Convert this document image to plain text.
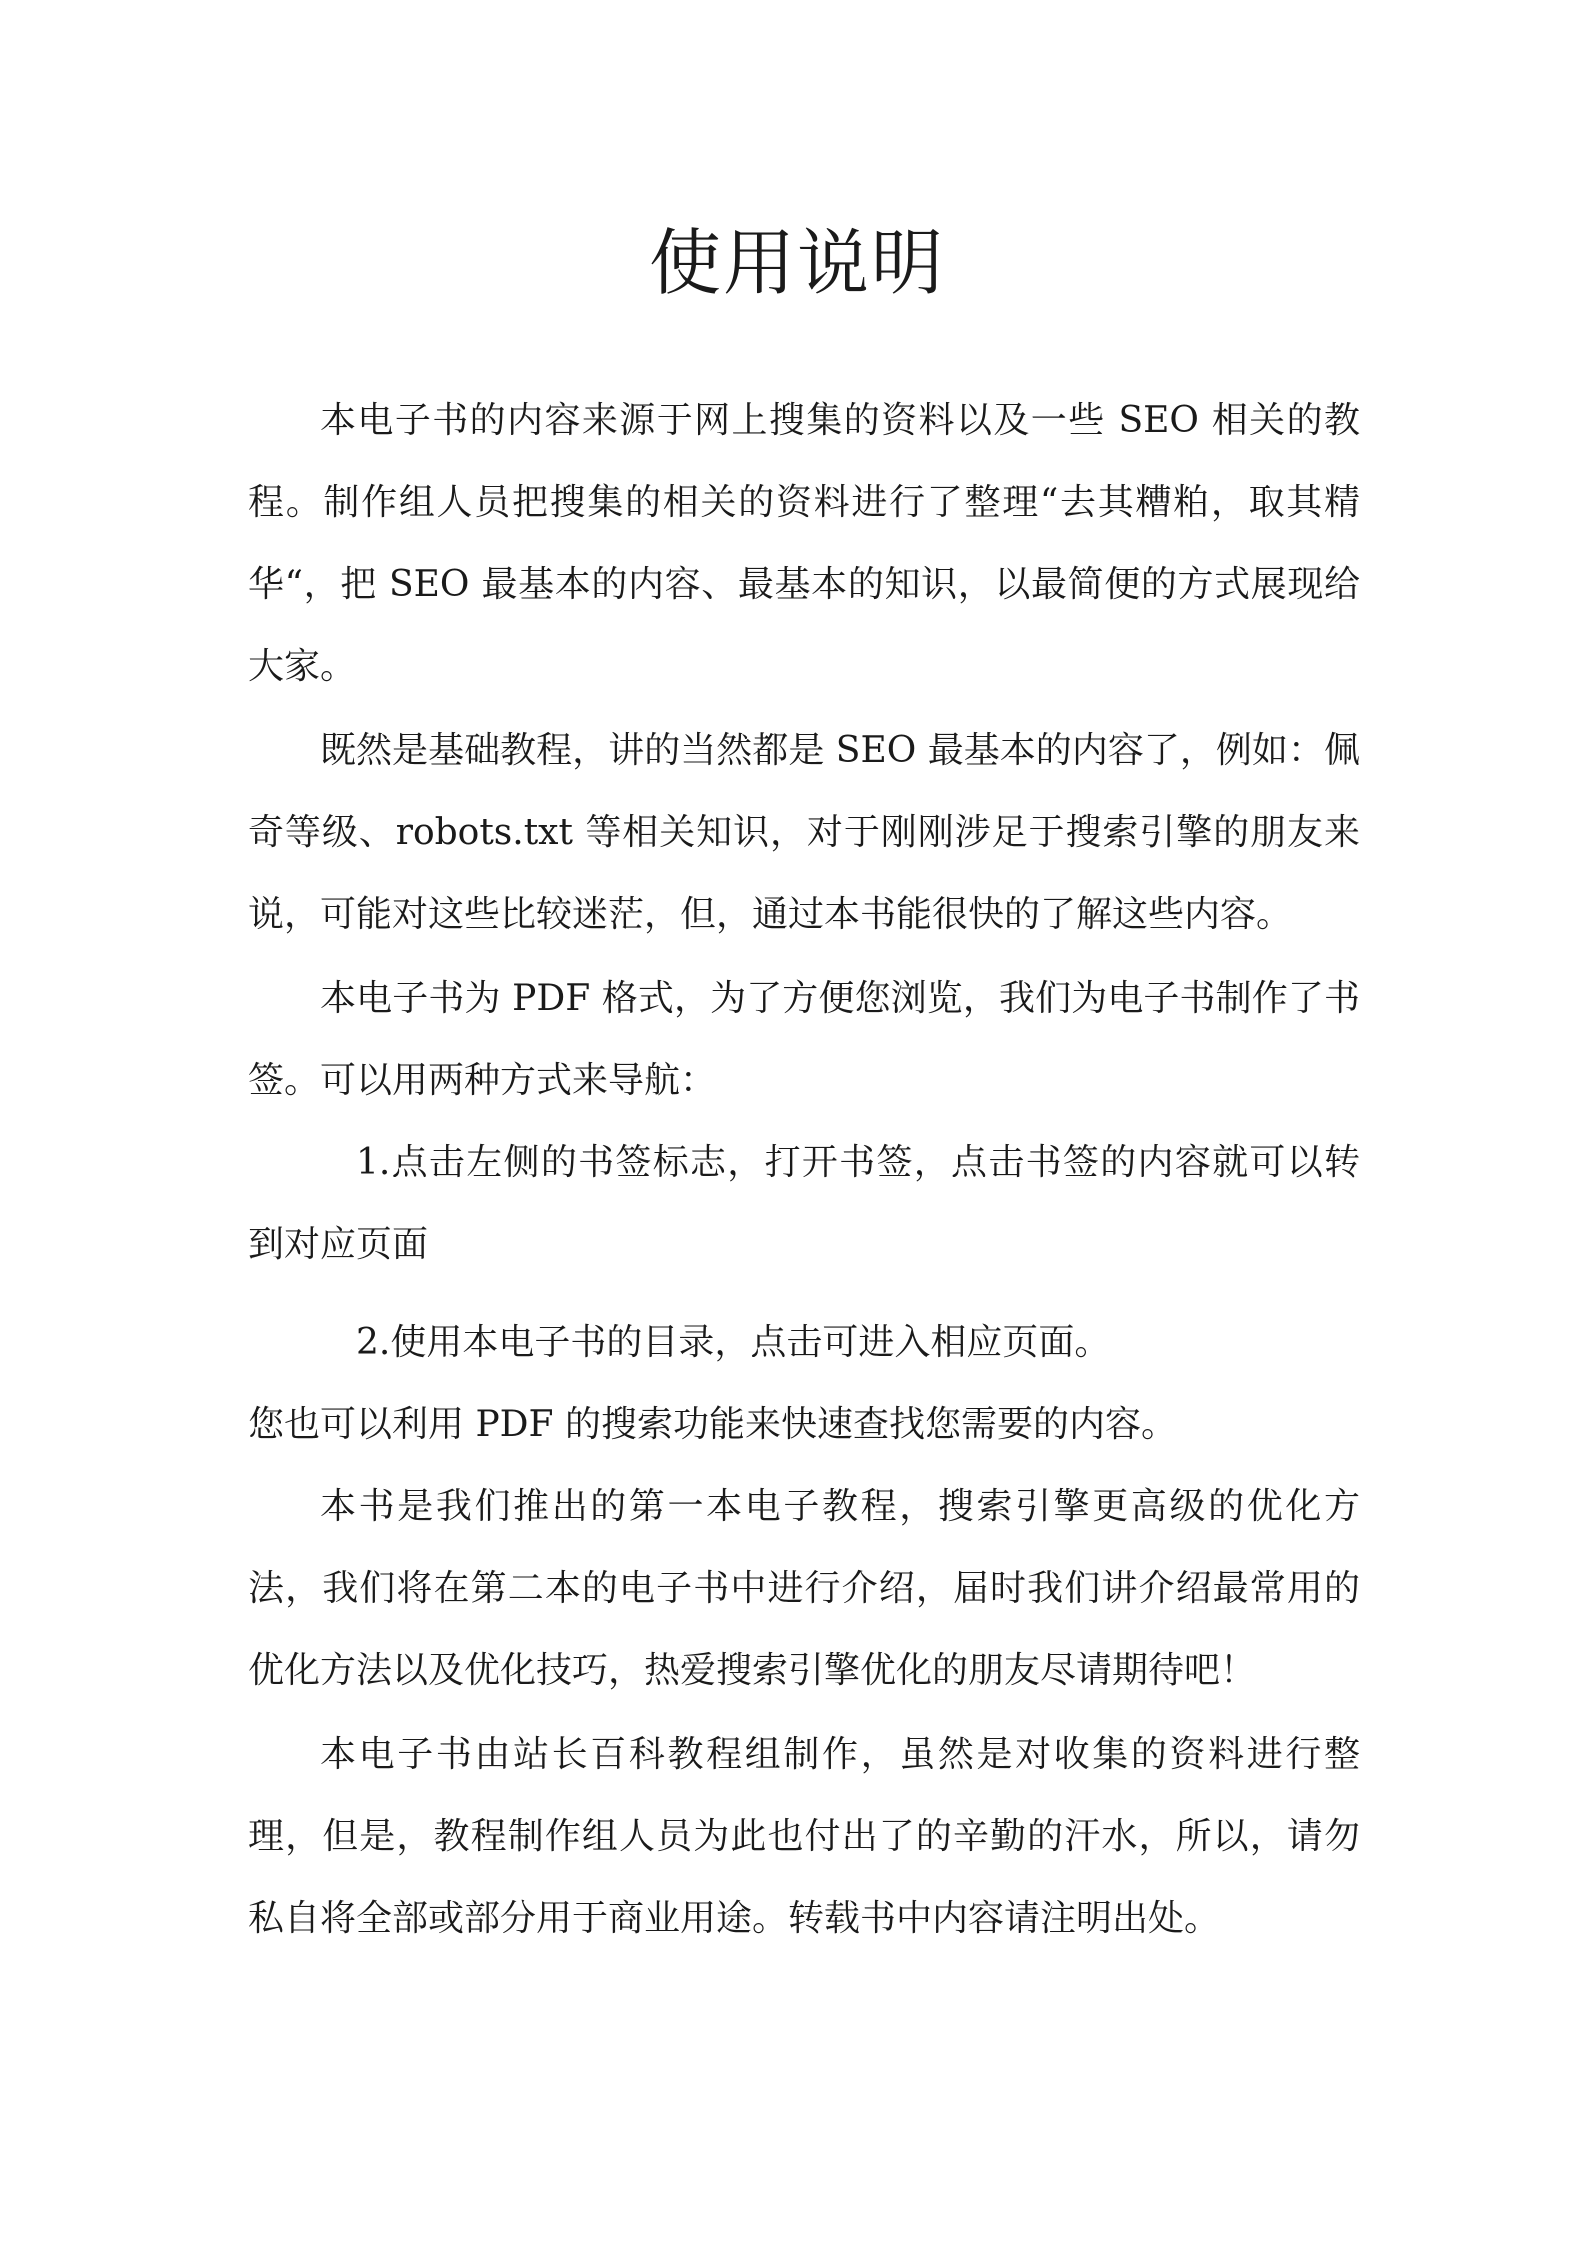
使用说明

本电子书的内容来源于网上搜集的资料以及一些 SEO 相关的教程。制作组人员把搜集的相关的资料进行了整理“去其糟粕，取其精华“，把 SEO 最基本的内容、最基本的知识，以最简便的方式展现给大家。

既然是基础教程，讲的当然都是 SEO 最基本的内容了，例如：佩奇等级、robots.txt 等相关知识，对于刚刚涉足于搜索引擎的朋友来说，可能对这些比较迷茫，但，通过本书能很快的了解这些内容。

本电子书为 PDF 格式，为了方便您浏览，我们为电子书制作了书签。可以用两种方式来导航：

1.点击左侧的书签标志，打开书签，点击书签的内容就可以转到对应页面

2.使用本电子书的目录，点击可进入相应页面。

您也可以利用 PDF 的搜索功能来快速查找您需要的内容。

本书是我们推出的第一本电子教程，搜索引擎更高级的优化方法，我们将在第二本的电子书中进行介绍，届时我们讲介绍最常用的优化方法以及优化技巧，热爱搜索引擎优化的朋友尽请期待吧！

本电子书由站长百科教程组制作，虽然是对收集的资料进行整理，但是，教程制作组人员为此也付出了的辛勤的汗水，所以，请勿私自将全部或部分用于商业用途。转载书中内容请注明出处。
